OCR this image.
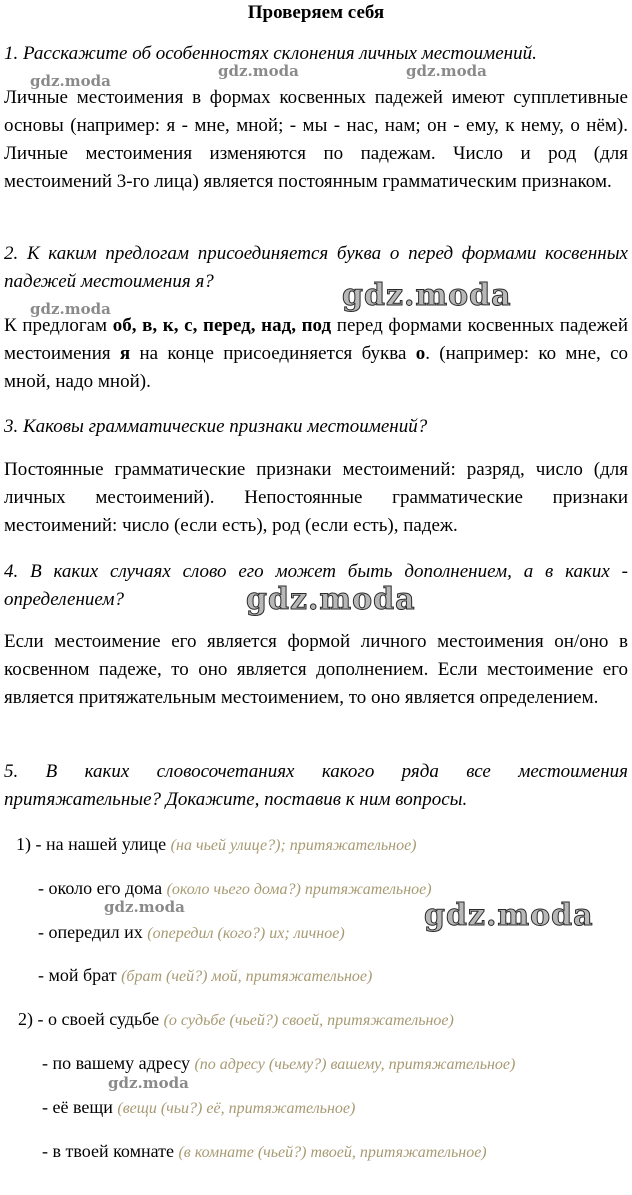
Проверяем себя
1. Расскажите об особенностях склонения личных местоимений.
Личные местоимения в формах косвенных падежей имеют супплетивные основы (например: я - мне, мной; - мы - нас, нам; он - ему, к нему, о нём). Личные местоимения изменяются по падежам. Число и род (для местоимений 3-го лица) является постоянным грамматическим признаком.
2. К каким предлогам присоединяется буква о перед формами косвенных падежей местоимения я?
К предлогам об, в, к, с, перед, над, под перед формами косвенных падежей местоимения я на конце присоединяется буква о. (например: ко мне, со мной, надо мной).
3. Каковы грамматические признаки местоимений?
Постоянные грамматические признаки местоимений: разряд, число (для личных местоимений). Непостоянные грамматические признаки местоимений: число (если есть), род (если есть), падеж.
4. В каких случаях слово его может быть дополнением, а в каких - определением?
Если местоимение его является формой личного местоимения он/оно в косвенном падеже, то оно является дополнением. Если местоимение его является притяжательным местоимением, то оно является определением.
5. В каких словосочетаниях какого ряда все местоимения притяжательные? Докажите, поставив к ним вопросы.
1) - на нашей улице (на чьей улице?); притяжательное)
- около его дома (около чьего дома?) притяжательное)
- опередил их (опередил (кого?) их; личное)
- мой брат (брат (чей?) мой, притяжательное)
2) - о своей судьбе (о судьбе (чьей?) своей, притяжательное)
- по вашему адресу (по адресу (чьему?) вашему, притяжательное)
- её вещи (вещи (чьи?) её, притяжательное)
- в твоей комнате (в комнате (чьей?) твоей, притяжательное)
gdz.moda
gdz.moda	gdz.moda
gdz.moda	gdz.moda
gdz.moda
gdz.moda	gdz.moda
gdz.moda
